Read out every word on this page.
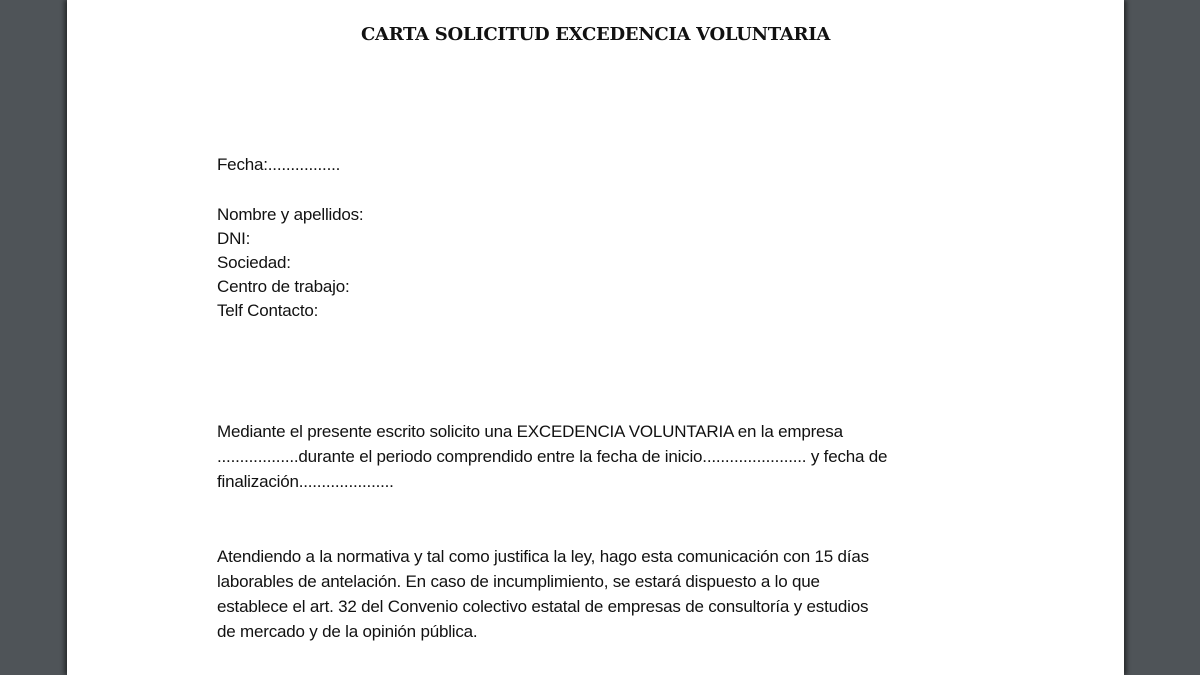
CARTA SOLICITUD EXCEDENCIA VOLUNTARIA
Fecha:................
Nombre y apellidos:
DNI:
Sociedad:
Centro de trabajo:
Telf Contacto:
Mediante el presente escrito solicito una EXCEDENCIA VOLUNTARIA en la empresa
..................durante el periodo comprendido entre la fecha de inicio....................... y fecha de
finalización.....................
Atendiendo a la normativa y tal como justifica la ley, hago esta comunicación con 15 días
laborables de antelación. En caso de incumplimiento, se estará dispuesto a lo que
establece el art. 32 del Convenio colectivo estatal de empresas de consultoría y estudios
de mercado y de la opinión pública.
